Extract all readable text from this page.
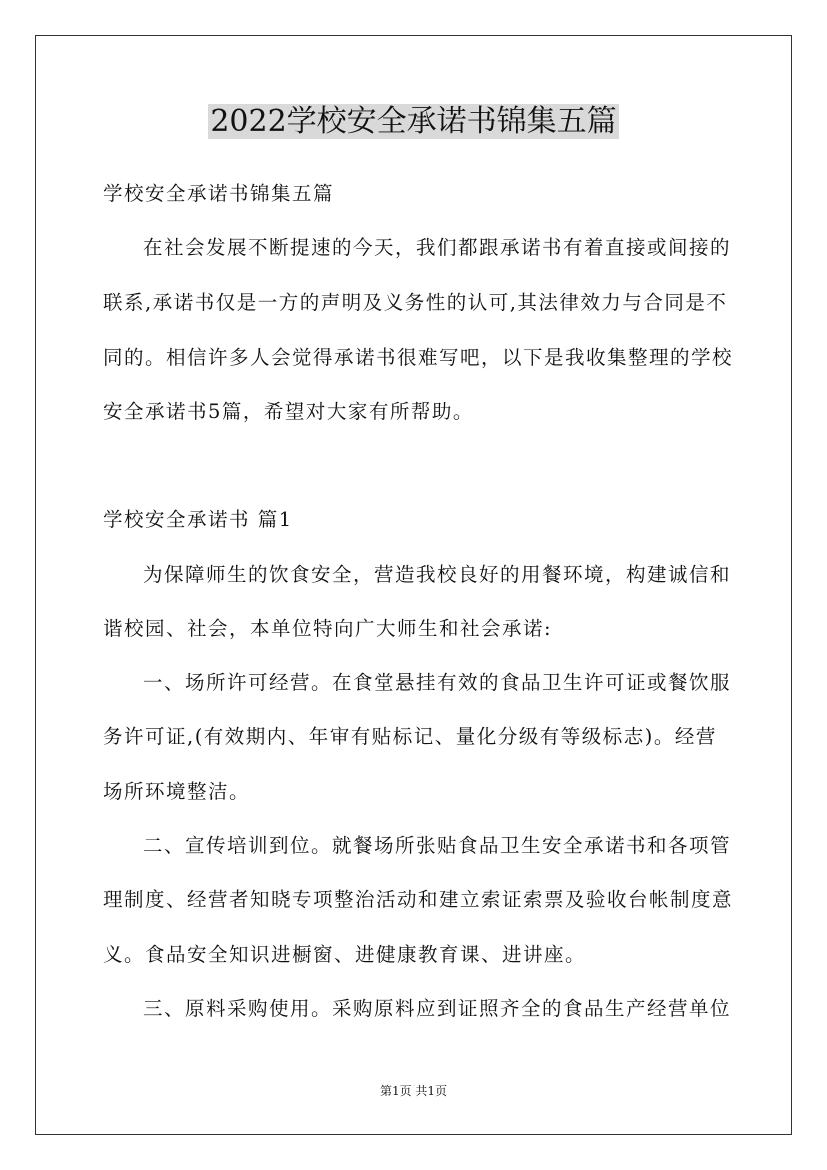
2022学校安全承诺书锦集五篇
学校安全承诺书锦集五篇
在社会发展不断提速的今天，我们都跟承诺书有着直接或间接的
联系,承诺书仅是一方的声明及义务性的认可,其法律效力与合同是不
同的。相信许多人会觉得承诺书很难写吧，以下是我收集整理的学校
安全承诺书5篇，希望对大家有所帮助。
学校安全承诺书 篇1
为保障师生的饮食安全，营造我校良好的用餐环境，构建诚信和
谐校园、社会，本单位特向广大师生和社会承诺:
一、场所许可经营。在食堂悬挂有效的食品卫生许可证或餐饮服
务许可证,(有效期内、年审有贴标记、量化分级有等级标志)。经营
场所环境整洁。
二、宣传培训到位。就餐场所张贴食品卫生安全承诺书和各项管
理制度、经营者知晓专项整治活动和建立索证索票及验收台帐制度意
义。食品安全知识进橱窗、进健康教育课、进讲座。
三、原料采购使用。采购原料应到证照齐全的食品生产经营单位
第1页 共1页
